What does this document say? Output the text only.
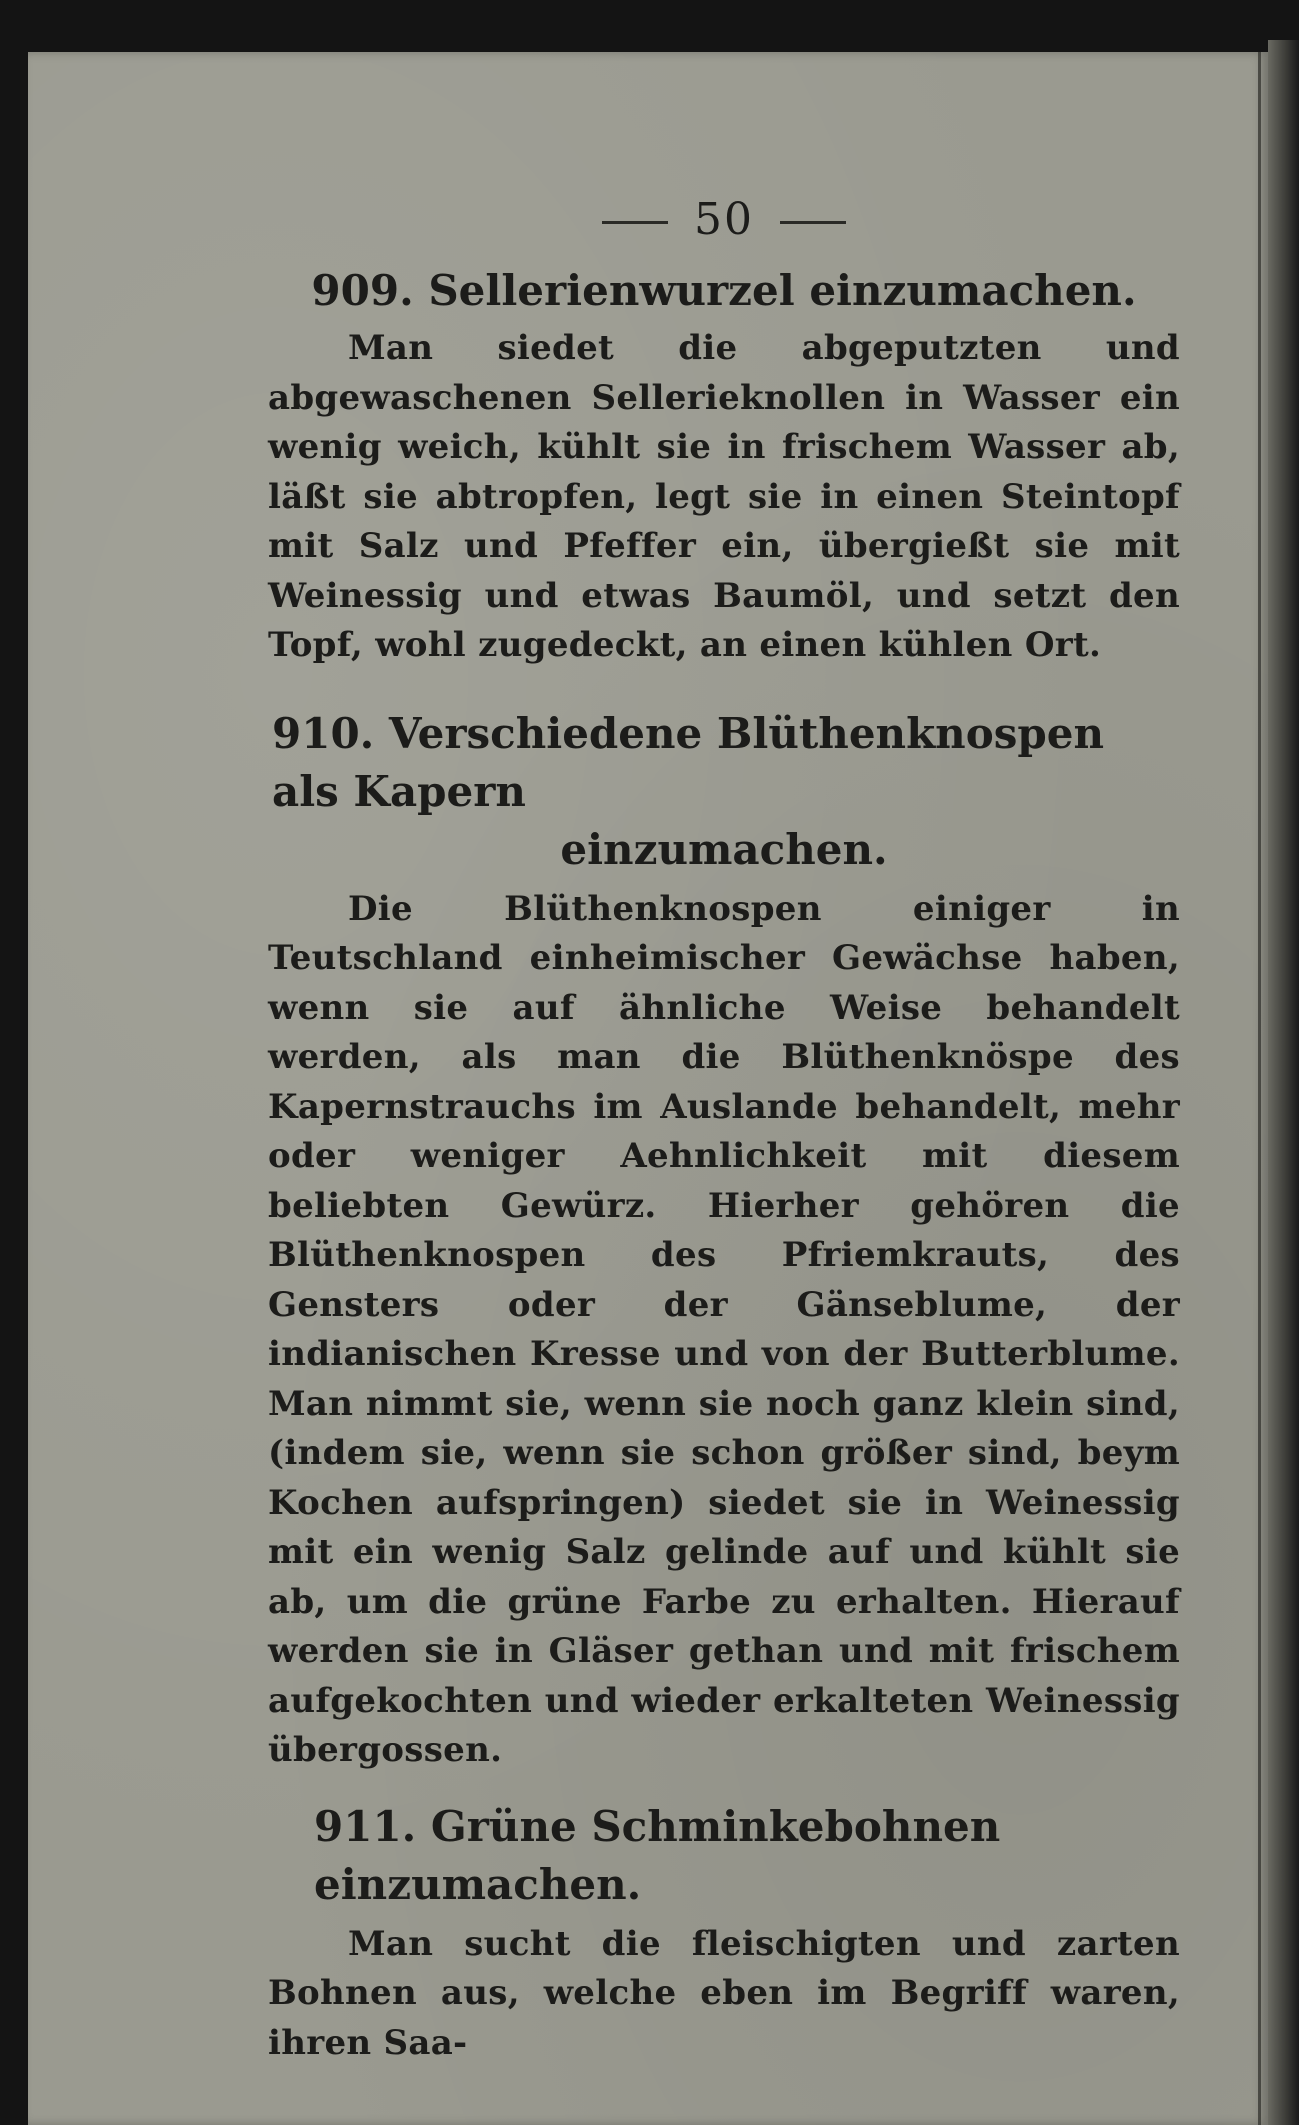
50
909. Sellerienwurzel einzumachen.

Man siedet die abgeputzten und abgewaschenen Sellerieknollen in Wasser ein wenig weich, kühlt sie in frischem Wasser ab, läßt sie abtropfen, legt sie in einen Steintopf mit Salz und Pfeffer ein, übergießt sie mit Weinessig und etwas Baumöl, und setzt den Topf, wohl zugedeckt, an einen kühlen Ort.

910. Verschiedene Blüthenknospen als Kapern
einzumachen.

Die Blüthenknospen einiger in Teutschland einheimischer Gewächse haben, wenn sie auf ähnliche Weise behandelt werden, als man die Blüthenknöspe des Kapernstrauchs im Auslande behandelt, mehr oder weniger Aehnlichkeit mit diesem beliebten Gewürz. Hierher gehören die Blüthenknospen des Pfriemkrauts, des Gensters oder der Gänseblume, der indianischen Kresse und von der Butterblume. Man nimmt sie, wenn sie noch ganz klein sind, (indem sie, wenn sie schon größer sind, beym Kochen aufspringen) siedet sie in Weinessig mit ein wenig Salz gelinde auf und kühlt sie ab, um die grüne Farbe zu erhalten. Hierauf werden sie in Gläser gethan und mit frischem aufgekochten und wieder erkalteten Weinessig übergossen.

911. Grüne Schminkebohnen einzumachen.

Man sucht die fleischigten und zarten Bohnen aus, welche eben im Begriff waren, ihren Saa-
